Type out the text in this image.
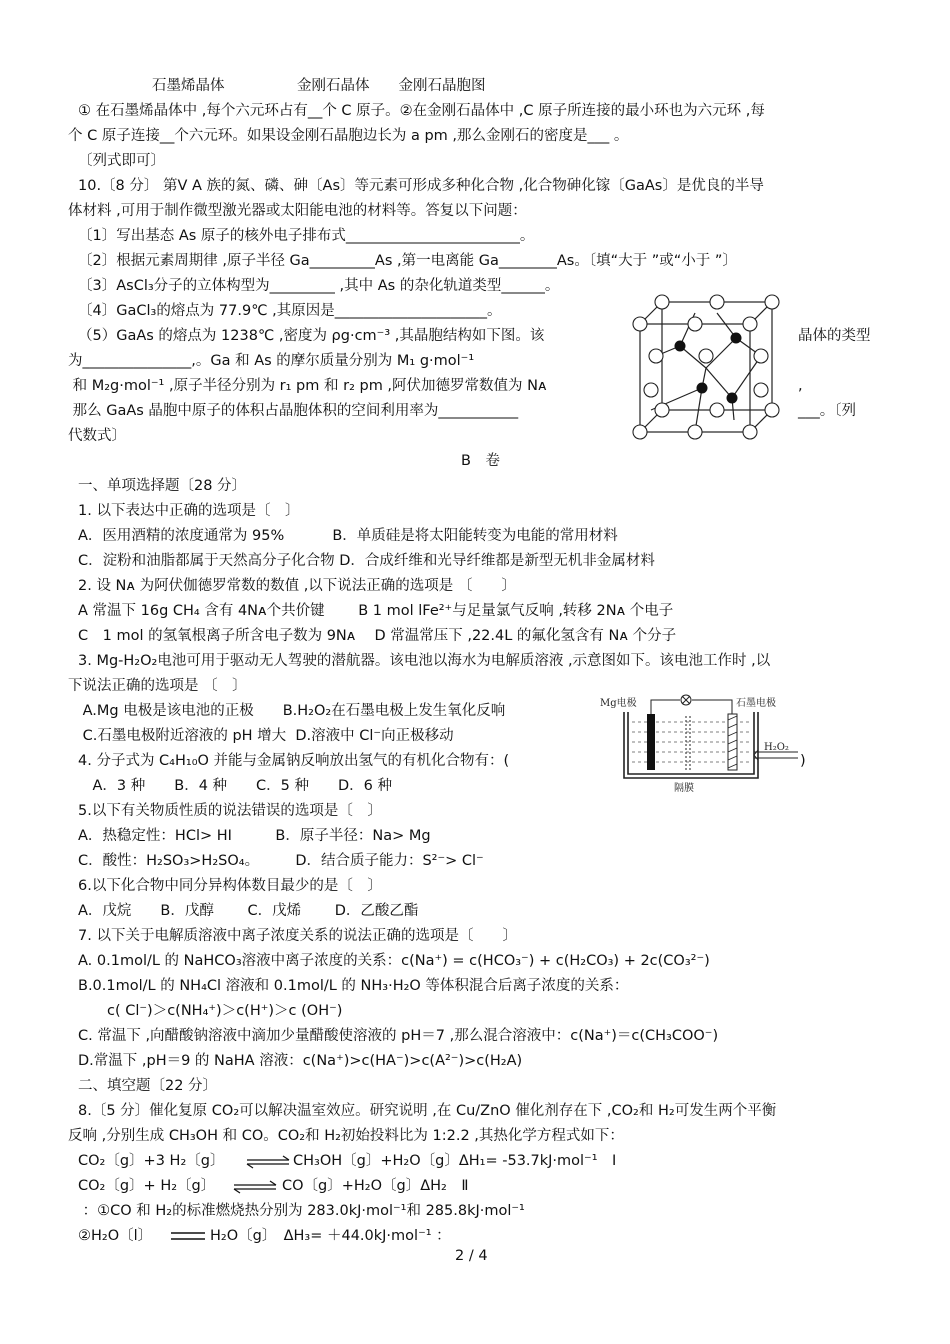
石墨烯晶体　　　　　金刚石晶体　　金刚石晶胞图
① 在石墨烯晶体中 ,每个六元环占有__个 C 原子。②在金刚石晶体中 ,C 原子所连接的最小环也为六元环 ,每
个 C 原子连接__个六元环。如果设金刚石晶胞边长为 a pm ,那么金刚石的密度是___ 。
〔列式即可〕
10.〔8 分〕 第Ⅴ A 族的氮、磷、砷〔As〕等元素可形成多种化合物 ,化合物砷化镓〔GaAs〕是优良的半导
体材料 ,可用于制作微型激光器或太阳能电池的材料等。答复以下问题：
〔1〕写出基态 As 原子的核外电子排布式________________________。
〔2〕根据元素周期律 ,原子半径 Ga_________As ,第一电离能 Ga________As。〔填“大于 ”或“小于 ”〕
〔3〕AsCl₃分子的立体构型为_________ ,其中 As 的杂化轨道类型______。
〔4〕GaCl₃的熔点为 77.9℃ ,其原因是_____________________。
（5）GaAs 的熔点为 1238℃ ,密度为 ρg·cm⁻³ ,其晶胞结构如下图。该	晶体的类型
为_______________,。Ga 和 As 的摩尔质量分别为 M₁ g·mol⁻¹
和 M₂g·mol⁻¹ ,原子半径分别为 r₁ pm 和 r₂ pm ,阿伏加德罗常数值为 Nᴀ	,
那么 GaAs 晶胞中原子的体积占晶胞体积的空间利用率为___________	___。〔列
代数式〕
B　卷
一、单项选择题〔28 分〕
1. 以下表达中正确的选项是〔　〕
A．医用酒精的浓度通常为 95%　　　 B．单质硅是将太阳能转变为电能的常用材料
C．淀粉和油脂都属于天然高分子化合物 D．合成纤维和光导纤维都是新型无机非金属材料
2. 设 Nᴀ 为阿伏伽德罗常数的数值 ,以下说法正确的选项是 〔　　〕
A 常温下 16g CH₄ 含有 4Nᴀ个共价键　　 B 1 mol lFe²⁺与足量氯气反响 ,转移 2Nᴀ 个电子
C　1 mol 的氢氧根离子所含电子数为 9Nᴀ　 D 常温常压下 ,22.4L 的氟化氢含有 Nᴀ 个分子
3. Mg-H₂O₂电池可用于驱动无人驾驶的潜航器。该电池以海水为电解质溶液 ,示意图如下。该电池工作时 ,以
下说法正确的选项是 〔　〕
A.Mg 电极是该电池的正极　　B.H₂O₂在石墨电极上发生氧化反响
C.石墨电极附近溶液的 pH 增大  D.溶液中 Cl⁻向正极移动
4. 分子式为 C₄H₁₀O 并能与金属钠反响放出氢气的有机化合物有：(	)
　A．3 种　　B．4 种　　C．5 种　　D．6 种
5.以下有关物质性质的说法错误的选项是〔　〕
A．热稳定性：HCl> HI　　　B．原子半径：Na> Mg
C．酸性：H₂SO₃>H₂SO₄。　　　D．结合质子能力：S²⁻> Cl⁻
6.以下化合物中同分异构体数目最少的是〔　〕
A．戊烷　　B．戊醇　　 C．戊烯　　 D．乙酸乙酯
7. 以下关于电解质溶液中离子浓度关系的说法正确的选项是〔　　〕
A. 0.1mol/L 的 NaHCO₃溶液中离子浓度的关系：c(Na⁺) = c(HCO₃⁻) + c(H₂CO₃) + 2c(CO₃²⁻)
B.0.1mol/L 的 NH₄Cl 溶液和 0.1mol/L 的 NH₃·H₂O 等体积混合后离子浓度的关系：
　　c( Cl⁻)＞c(NH₄⁺)＞c(H⁺)＞c (OH⁻)
C. 常温下 ,向醋酸钠溶液中滴加少量醋酸使溶液的 pH＝7 ,那么混合溶液中：c(Na⁺)＝c(CH₃COO⁻)
D.常温下 ,pH＝9 的 NaHA 溶液：c(Na⁺)>c(HA⁻)>c(A²⁻)>c(H₂A)
二、填空题〔22 分〕
8.〔5 分〕催化复原 CO₂可以解决温室效应。研究说明 ,在 Cu/ZnO 催化剂存在下 ,CO₂和 H₂可发生两个平衡
反响 ,分别生成 CH₃OH 和 CO。CO₂和 H₂初始投料比为 1:2.2 ,其热化学方程式如下：
CO₂〔g〕+3 H₂〔g〕 ⇌ CH₃OH〔g〕+H₂O〔g〕ΔH₁= -53.7kJ·mol⁻¹　Ⅰ
CO₂〔g〕+ H₂〔g〕 ⇌ CO〔g〕+H₂O〔g〕ΔH₂　Ⅱ
：①CO 和 H₂的标准燃烧热分别为 283.0kJ·mol⁻¹和 285.8kJ·mol⁻¹
②H₂O〔l〕	H₂O〔g〕　ΔH₃= ＋44.0kJ·mol⁻¹ ：
Mg电极	石墨电极
H₂O₂
隔膜
2 / 4
